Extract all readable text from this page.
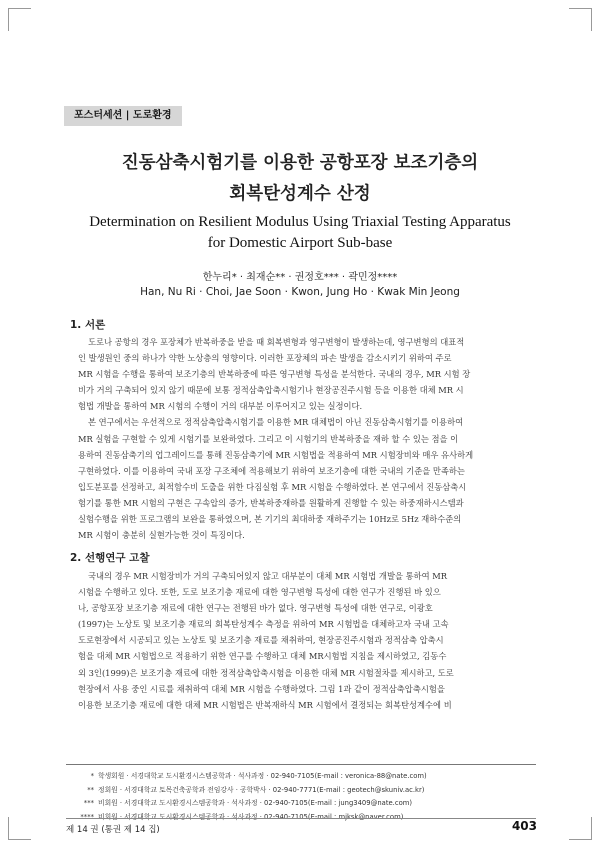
포스터세션 | 도로환경
진동삼축시험기를 이용한 공항포장 보조기층의
회복탄성계수 산정
Determination on Resilient Modulus Using Triaxial Testing Apparatus
for Domestic Airport Sub-base
한누리* · 최재순** · 권정호*** · 곽민정****
Han, Nu Ri · Choi, Jae Soon · Kwon, Jung Ho · Kwak Min Jeong
1. 서론
도로나 공항의 경우 포장체가 반복하중을 받을 때 회복변형과 영구변형이 발생하는데, 영구변형의 대표적
인 발생원인 중의 하나가 약한 노상층의 영향이다. 이러한 포장체의 파손 발생을 감소시키기 위하여 주로
MR 시험을 수행을 통하여 보조기층의 반복하중에 따른 영구변형 특성을 분석한다. 국내의 경우, MR 시험 장
비가 거의 구축되어 있지 않기 때문에 보통 정적삼축압축시험기나 현장공진주시험 등을 이용한 대체 MR 시
험법 개발을 통하여 MR 시험의 수행이 거의 대부분 이루어지고 있는 실정이다.
본 연구에서는 우선적으로 정적삼축압축시험기를 이용한 MR 대체법이 아닌 진동삼축시험기를 이용하여
MR 실험을 구현할 수 있게 시험기를 보완하였다. 그리고 이 시험기의 반복하중을 재하 할 수 있는 점을 이
용하여 진동삼축기의 업그레이드를 통해 진동삼축기에 MR 시험법을 적용하여 MR 시험장비와 매우 유사하게
구현하였다. 이를 이용하여 국내 포장 구조체에 적용해보기 위하여 보조기층에 대한 국내의 기준을 만족하는
입도분포를 선정하고, 최적함수비 도출을 위한 다짐실험 후 MR 시험을 수행하였다. 본 연구에서 진동삼축시
험기를 통한 MR 시험의 구현은 구속압의 증가, 반복하중재하를 원활하게 진행할 수 있는 하중재하시스템과
실험수행을 위한 프로그램의 보완을 통하였으며, 본 기기의 최대하중 재하주기는 10Hz로 5Hz 재하수준의
MR 시험이 충분히 실현가능한 것이 특징이다.
2. 선행연구 고찰
국내의 경우 MR 시험장비가 거의 구축되어있지 않고 대부분이 대체 MR 시험법 개발을 통하여 MR
시험을 수행하고 있다. 또한, 도로 보조기층 재료에 대한 영구변형 특성에 대한 연구가 진행된 바 있으
나, 공항포장 보조기층 재료에 대한 연구는 전행된 바가 없다. 영구변형 특성에 대한 연구로, 이광호
(1997)는 노상토 및 보조기층 재료의 회복탄성계수 측정을 위하여 MR 시험법을 대체하고자 국내 고속
도로현장에서 시공되고 있는 노상토 및 보조기층 재료를 채취하여, 현장공진주시험과 정적삼축 압축시
험을 대체 MR 시험법으로 적용하기 위한 연구를 수행하고 대체 MR시험법 지침을 제시하였고, 김동수
외 3인(1999)은 보조기층 재료에 대한 정적삼축압축시험을 이용한 대체 MR 시험절차를 제시하고, 도로
현장에서 사용 중인 시료를 채취하여 대체 MR 시험을 수행하였다. 그림 1과 같이 정적삼축압축시험을
이용한 보조기층 재료에 대한 대체 MR 시험법은 반복재하식 MR 시험에서 결정되는 회복탄성계수에 비
* 학생회원 · 서경대학교 도시환경시스템공학과 · 석사과정 · 02-940-7105(E-mail : veronica-88@nate.com)
** 정회원 · 서경대학교 토목건축공학과 전임강사 · 공학박사 · 02-940-7771(E-mail : geotech@skuniv.ac.kr)
*** 비회원 · 서경대학교 도시환경시스템공학과 · 석사과정 · 02-940-7105(E-mail : jung3409@nate.com)
**** 비회원 · 서경대학교 도시환경시스템공학과 · 석사과정 · 02-940-7105(E-mail : mjksk@naver.com)
제 14 권 (통권 제 14 집)	403
